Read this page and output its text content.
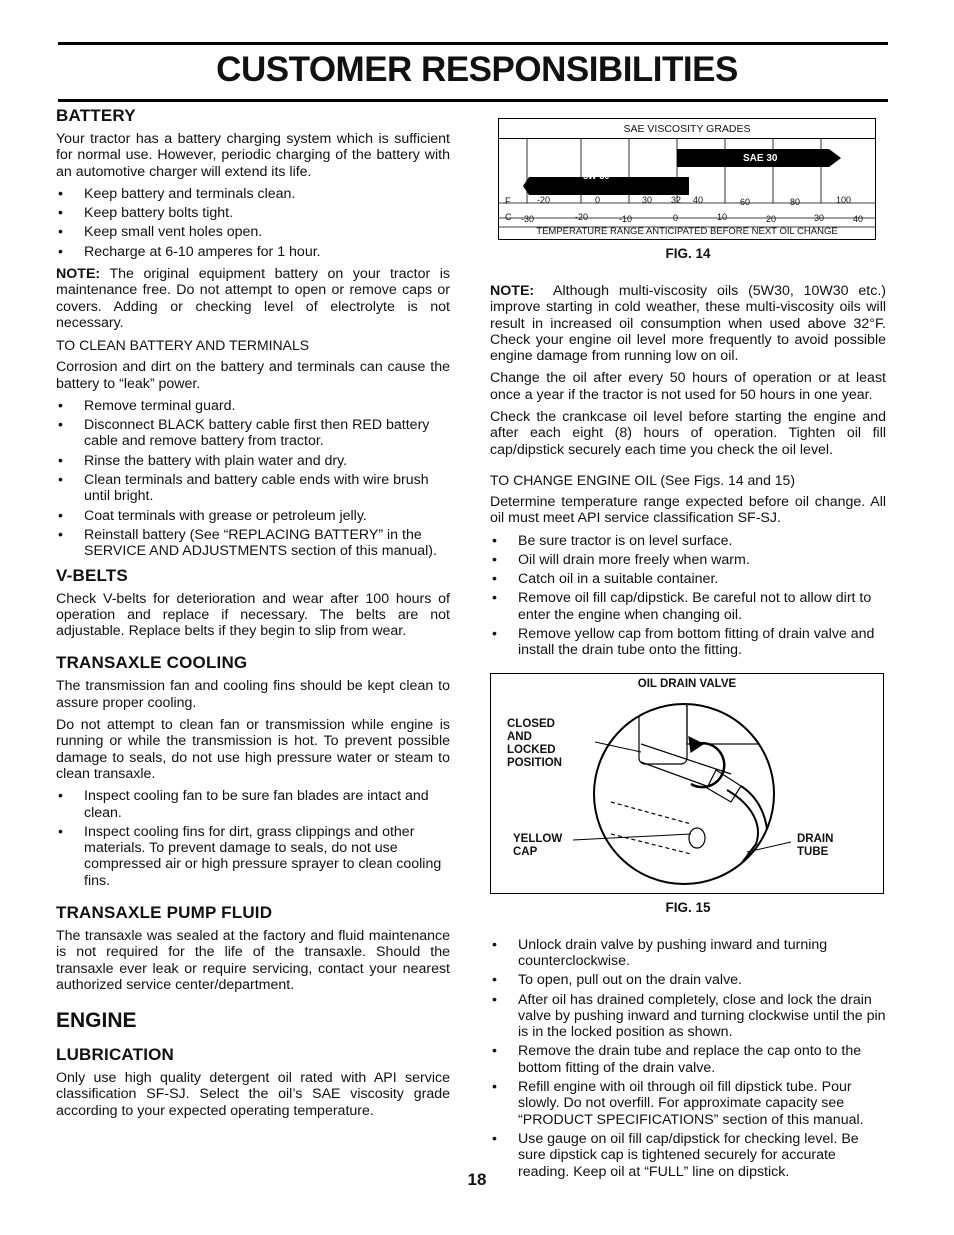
CUSTOMER RESPONSIBILITIES
BATTERY

Your tractor has a battery charging system which is sufficient for normal use. However, periodic charging of the battery with an automotive charger will extend its life.

• Keep battery and terminals clean.
• Keep battery bolts tight.
• Keep small vent holes open.
• Recharge at 6-10 amperes for 1 hour.

NOTE: The original equipment battery on your tractor is maintenance free. Do not attempt to open or remove caps or covers. Adding or checking level of electrolyte is not necessary.

TO CLEAN BATTERY AND TERMINALS

Corrosion and dirt on the battery and terminals can cause the battery to “leak” power.

• Remove terminal guard.
• Disconnect BLACK battery cable first then RED battery cable and remove battery from tractor.
• Rinse the battery with plain water and dry.
• Clean terminals and battery cable ends with wire brush until bright.
• Coat terminals with grease or petroleum jelly.
• Reinstall battery (See “REPLACING BATTERY” in the SERVICE AND ADJUSTMENTS section of this manual).
V-BELTS

Check V-belts for deterioration and wear after 100 hours of operation and replace if necessary. The belts are not adjustable. Replace belts if they begin to slip from wear.

TRANSAXLE COOLING

The transmission fan and cooling fins should be kept clean to assure proper cooling.

Do not attempt to clean fan or transmission while engine is running or while the transmission is hot. To prevent possible damage to seals, do not use high pressure water or steam to clean transaxle.

• Inspect cooling fan to be sure fan blades are intact and clean.
• Inspect cooling fins for dirt, grass clippings and other materials. To prevent damage to seals, do not use compressed air or high pressure sprayer to clean cooling fins.
TRANSAXLE PUMP FLUID

The transaxle was sealed at the factory and fluid maintenance is not required for the life of the transaxle. Should the transaxle ever leak or require servicing, contact your nearest authorized service center/department.

ENGINE
LUBRICATION

Only use high quality detergent oil rated with API service classification SF-SJ. Select the oil’s SAE viscosity grade according to your expected operating temperature.

SAE VISCOSITY GRADES
5W-30
SAE 30
F	-20	0	30 32 40	60	80	100
C -30	-20	-10	0	10	20	30	40
TEMPERATURE RANGE ANTICIPATED BEFORE NEXT OIL CHANGE
FIG. 14

NOTE: Although multi-viscosity oils (5W30, 10W30 etc.) improve starting in cold weather, these multi-viscosity oils will result in increased oil consumption when used above 32°F. Check your engine oil level more frequently to avoid possible engine damage from running low on oil.

Change the oil after every 50 hours of operation or at least once a year if the tractor is not used for 50 hours in one year.

Check the crankcase oil level before starting the engine and after each eight (8) hours of operation. Tighten oil fill cap/dipstick securely each time you check the oil level.

TO CHANGE ENGINE OIL (See Figs. 14 and 15)

Determine temperature range expected before oil change. All oil must meet API service classification SF-SJ.

• Be sure tractor is on level surface.
• Oil will drain more freely when warm.
• Catch oil in a suitable container.
• Remove oil fill cap/dipstick. Be careful not to allow dirt to enter the engine when changing oil.
• Remove yellow cap from bottom fitting of drain valve and install the drain tube onto the fitting.
OIL DRAIN VALVE
CLOSED
AND
LOCKED
POSITION
YELLOW
CAP
DRAIN
TUBE
FIG. 15
• Unlock drain valve by pushing inward and turning counterclockwise.
• To open, pull out on the drain valve.
• After oil has drained completely, close and lock the drain valve by pushing inward and turning clockwise until the pin is in the locked position as shown.
• Remove the drain tube and replace the cap onto to the bottom fitting of the drain valve.
• Refill engine with oil through oil fill dipstick tube. Pour slowly. Do not overfill. For approximate capacity see “PRODUCT SPECIFICATIONS” section of this manual.
• Use gauge on oil fill cap/dipstick for checking level. Be sure dipstick cap is tightened securely for accurate reading. Keep oil at “FULL” line on dipstick.
18
